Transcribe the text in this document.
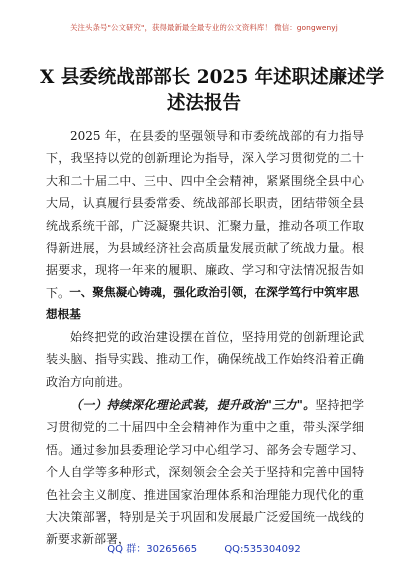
关注头条号"公文研究"，获得最新最全最专业的公文资料库！ 微信：gongwenyj
X 县委统战部部长 2025 年述职述廉述学
述法报告

2025 年，在县委的坚强领导和市委统战部的有力指导下，我坚持以党的创新理论为指导，深入学习贯彻党的二十大和二十届二中、三中、四中全会精神，紧紧围绕全县中心大局，认真履行县委常委、统战部部长职责，团结带领全县统战系统干部，广泛凝聚共识、汇聚力量，推动各项工作取得新进展，为县域经济社会高质量发展贡献了统战力量。根据要求，现将一年来的履职、廉政、学习和守法情况报告如下。 一、聚焦凝心铸魂，强化政治引领，在深学笃行中筑牢思想根基

始终把党的政治建设摆在首位，坚持用党的创新理论武装头脑、指导实践、推动工作，确保统战工作始终沿着正确政治方向前进。

（一）持续深化理论武装，提升政治"三力"。坚持把学习贯彻党的二十届四中全会精神作为重中之重，带头深学细悟。通过参加县委理论学习中心组学习、部务会专题学习、个人自学等多种形式，深刻领会全会关于坚持和完善中国特色社会主义制度、推进国家治理体系和治理能力现代化的重大决策部署，特别是关于巩固和发展最广泛爱国统一战线的新要求新部署，
QQ 群：30265665	QQ:535304092
